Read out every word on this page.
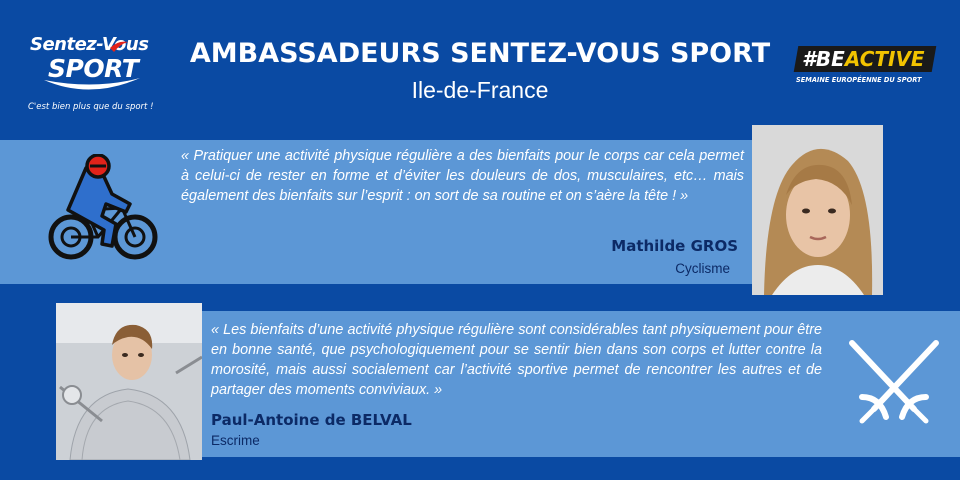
Sentez-Vous
SPORT
C'est bien plus que du sport !
AMBASSADEURS SENTEZ-VOUS SPORT
Ile-de-France
#BEACTIVE
SEMAINE EUROPÉENNE DU SPORT
« Pratiquer une activité physique régulière a des bienfaits pour le corps car cela permet à celui-ci de rester en forme et d’éviter les douleurs de dos, musculaires, etc… mais également des bienfaits sur l’esprit : on sort de sa routine et on s’aère la tête ! »
Mathilde GROS
Cyclisme
« Les bienfaits d’une activité physique régulière sont considérables tant physiquement pour être en bonne santé, que psychologiquement pour se sentir bien dans son corps et lutter contre la morosité, mais aussi socialement car l’activité sportive permet de rencontrer les autres et de partager des moments conviviaux. »
Paul-Antoine de BELVAL
Escrime
